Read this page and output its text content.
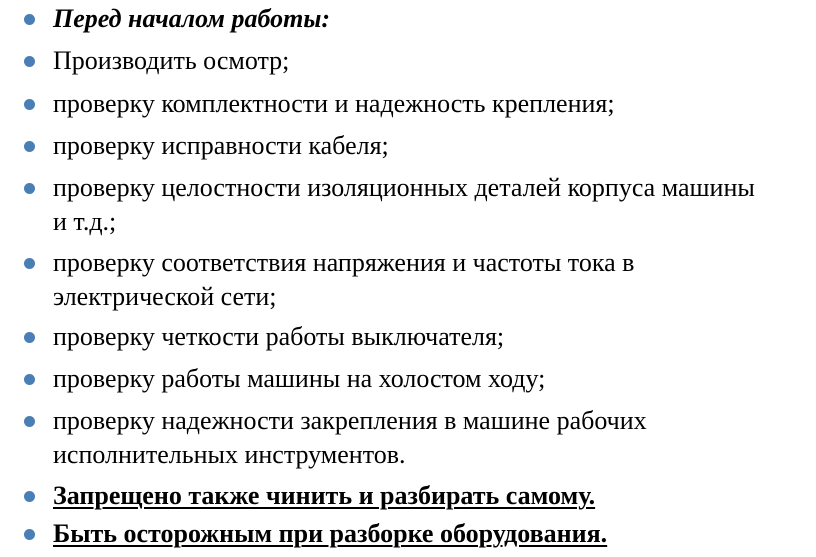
Перед началом работы:
Производить осмотр;
проверку комплектности и надежность крепления;
проверку исправности кабеля;
проверку целостности изоляционных деталей корпуса машины
и т.д.;
проверку соответствия напряжения и частоты тока в
электрической сети;
проверку четкости работы выключателя;
проверку работы машины на холостом ходу;
проверку надежности закрепления в машине рабочих
исполнительных инструментов.
Запрещено также чинить и разбирать самому.
Быть осторожным при разборке оборудования.
